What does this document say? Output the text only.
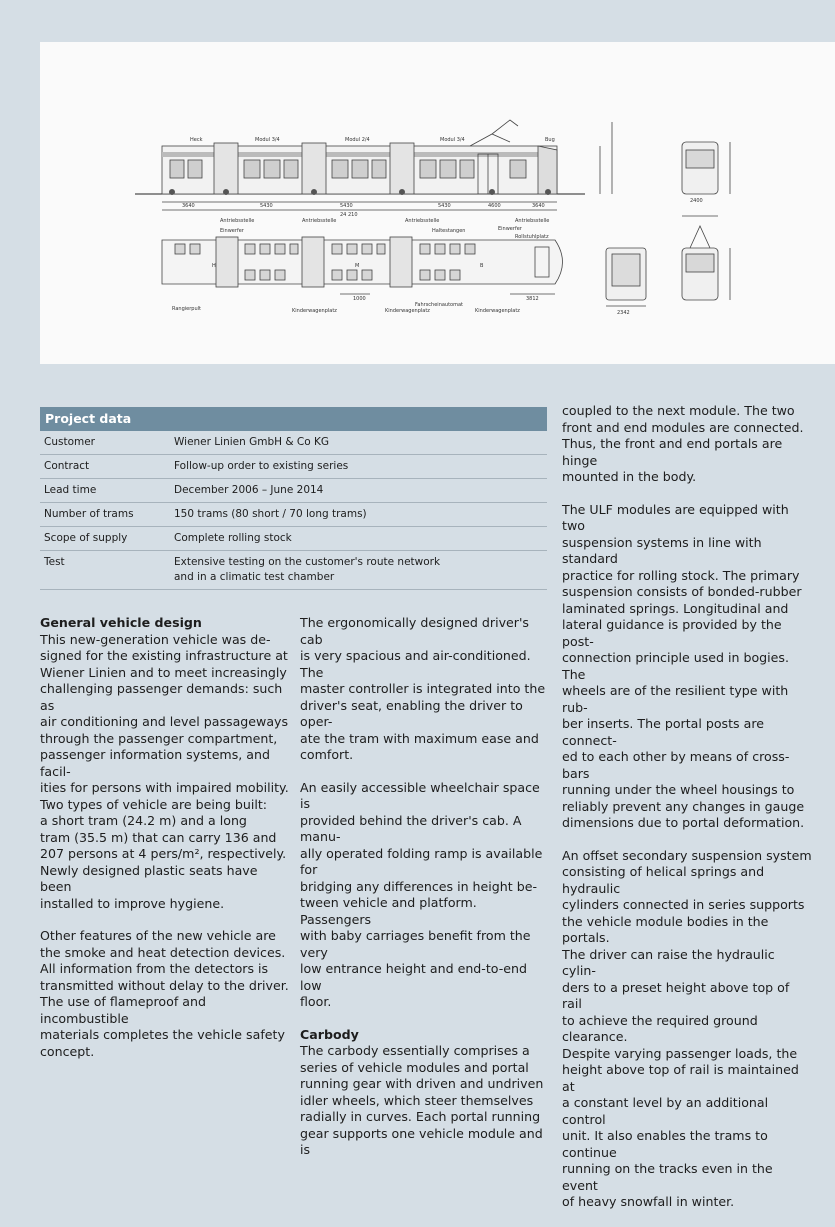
Heck	Modul 3/4	Modul 2/4	Modul 3/4	Bug
3640	5430	5430	5430	4600	3640
24 210
Antriebsstelle	Antriebsstelle	Antriebsstelle	Antriebsstelle
Einwerfer	Haltestangen	Einwerfer
Rollstuhlplatz
H	M	B
1000	3812
Rangierpult	Kinderwagenplatz	Kinderwagenplatz
Fahrscheinautomat
Kinderwagenplatz
2400
2342
Project data
Customer	Wiener Linien GmbH & Co KG
Contract	Follow-up order to existing series
Lead time	December 2006 – June 2014
Number of trams	150 trams (80 short / 70 long trams)
Scope of supply	Complete rolling stock
Test	Extensive testing on the customer's route network
and in a climatic test chamber
General vehicle design

This new-generation vehicle was de-
signed for the existing infrastructure at
Wiener Linien and to meet increasingly
challenging passenger demands: such as
air conditioning and level passageways
through the passenger compartment,
passenger information systems, and facil-
ities for persons with impaired mobility.
Two types of vehicle are being built:
a short tram (24.2 m) and a long
tram (35.5 m) that can carry 136 and
207 persons at 4 pers/m², respectively.
Newly designed plastic seats have been
installed to improve hygiene.

Other features of the new vehicle are
the smoke and heat detection devices.
All information from the detectors is
transmitted without delay to the driver.
The use of flameproof and incombustible
materials completes the vehicle safety
concept.

The ergonomically designed driver's cab
is very spacious and air-conditioned. The
master controller is integrated into the
driver's seat, enabling the driver to oper-
ate the tram with maximum ease and
comfort.

An easily accessible wheelchair space is
provided behind the driver's cab. A manu-
ally operated folding ramp is available for
bridging any differences in height be-
tween vehicle and platform. Passengers
with baby carriages benefit from the very
low entrance height and end-to-end low
floor.

Carbody

The carbody essentially comprises a
series of vehicle modules and portal
running gear with driven and undriven
idler wheels, which steer themselves
radially in curves. Each portal running
gear supports one vehicle module and is

coupled to the next module. The two
front and end modules are connected.
Thus, the front and end portals are hinge
mounted in the body.

The ULF modules are equipped with two
suspension systems in line with standard
practice for rolling stock. The primary
suspension consists of bonded-rubber
laminated springs. Longitudinal and
lateral guidance is provided by the post-
connection principle used in bogies. The
wheels are of the resilient type with rub-
ber inserts. The portal posts are connect-
ed to each other by means of cross-bars
running under the wheel housings to
reliably prevent any changes in gauge
dimensions due to portal deformation.

An offset secondary suspension system
consisting of helical springs and hydraulic
cylinders connected in series supports
the vehicle module bodies in the portals.
The driver can raise the hydraulic cylin-
ders to a preset height above top of rail
to achieve the required ground clearance.
Despite varying passenger loads, the
height above top of rail is maintained at
a constant level by an additional control
unit. It also enables the trams to continue
running on the tracks even in the event
of heavy snowfall in winter.
